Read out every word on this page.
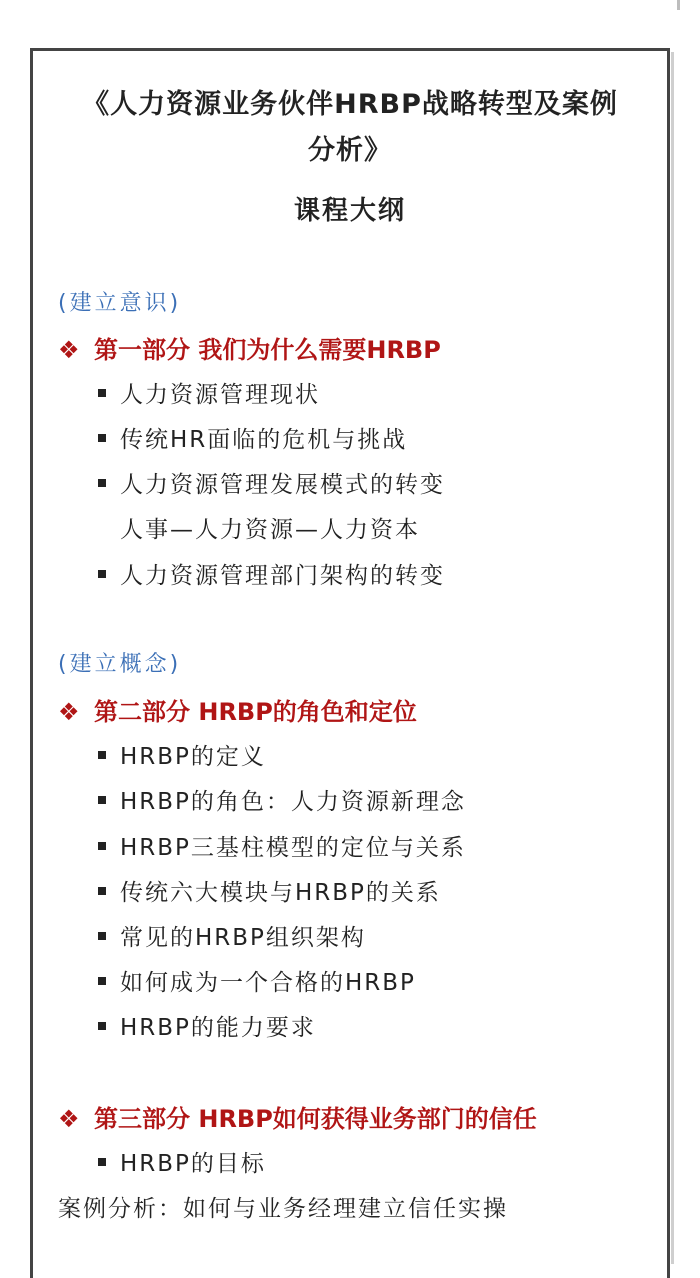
《人力资源业务伙伴HRBP战略转型及案例
分析》
课程大纲
(建立意识)
❖ 第一部分 我们为什么需要HRBP
人力资源管理现状
传统HR面临的危机与挑战
人力资源管理发展模式的转变
人事—人力资源—人力资本
人力资源管理部门架构的转变
(建立概念)
❖ 第二部分 HRBP的角色和定位
HRBP的定义
HRBP的角色：人力资源新理念
HRBP三基柱模型的定位与关系
传统六大模块与HRBP的关系
常见的HRBP组织架构
如何成为一个合格的HRBP
HRBP的能力要求
❖ 第三部分 HRBP如何获得业务部门的信任
HRBP的目标
案例分析：如何与业务经理建立信任实操
